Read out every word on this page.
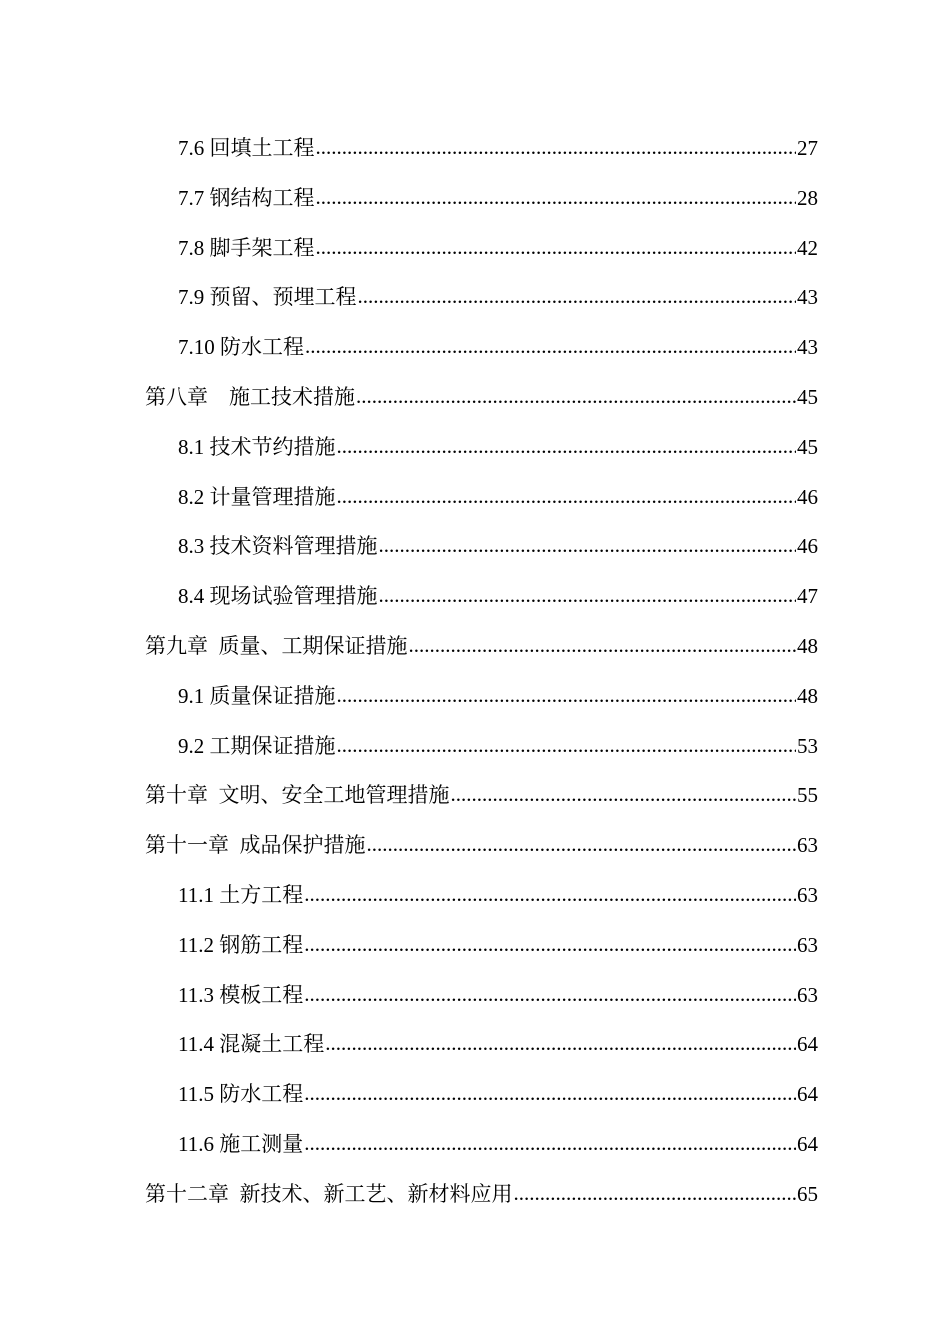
7.6 回填土工程 .....	27
7.7 钢结构工程 .....	28
7.8 脚手架工程 .....	42
7.9 预留、预埋工程 .....	43
7.10 防水工程 .....	43
第八章　施工技术措施 .....	45
8.1 技术节约措施 .....	45
8.2 计量管理措施 .....	46
8.3 技术资料管理措施 .....	46
8.4 现场试验管理措施 .....	47
第九章  质量、工期保证措施 .....	48
9.1 质量保证措施 .....	48
9.2 工期保证措施 .....	53
第十章  文明、安全工地管理措施 .....	55
第十一章  成品保护措施 .....	63
11.1 土方工程 .....	63
11.2 钢筋工程 .....	63
11.3 模板工程 .....	63
11.4 混凝土工程 .....	64
11.5 防水工程 .....	64
11.6 施工测量 .....	64
第十二章  新技术、新工艺、新材料应用 .....	65
